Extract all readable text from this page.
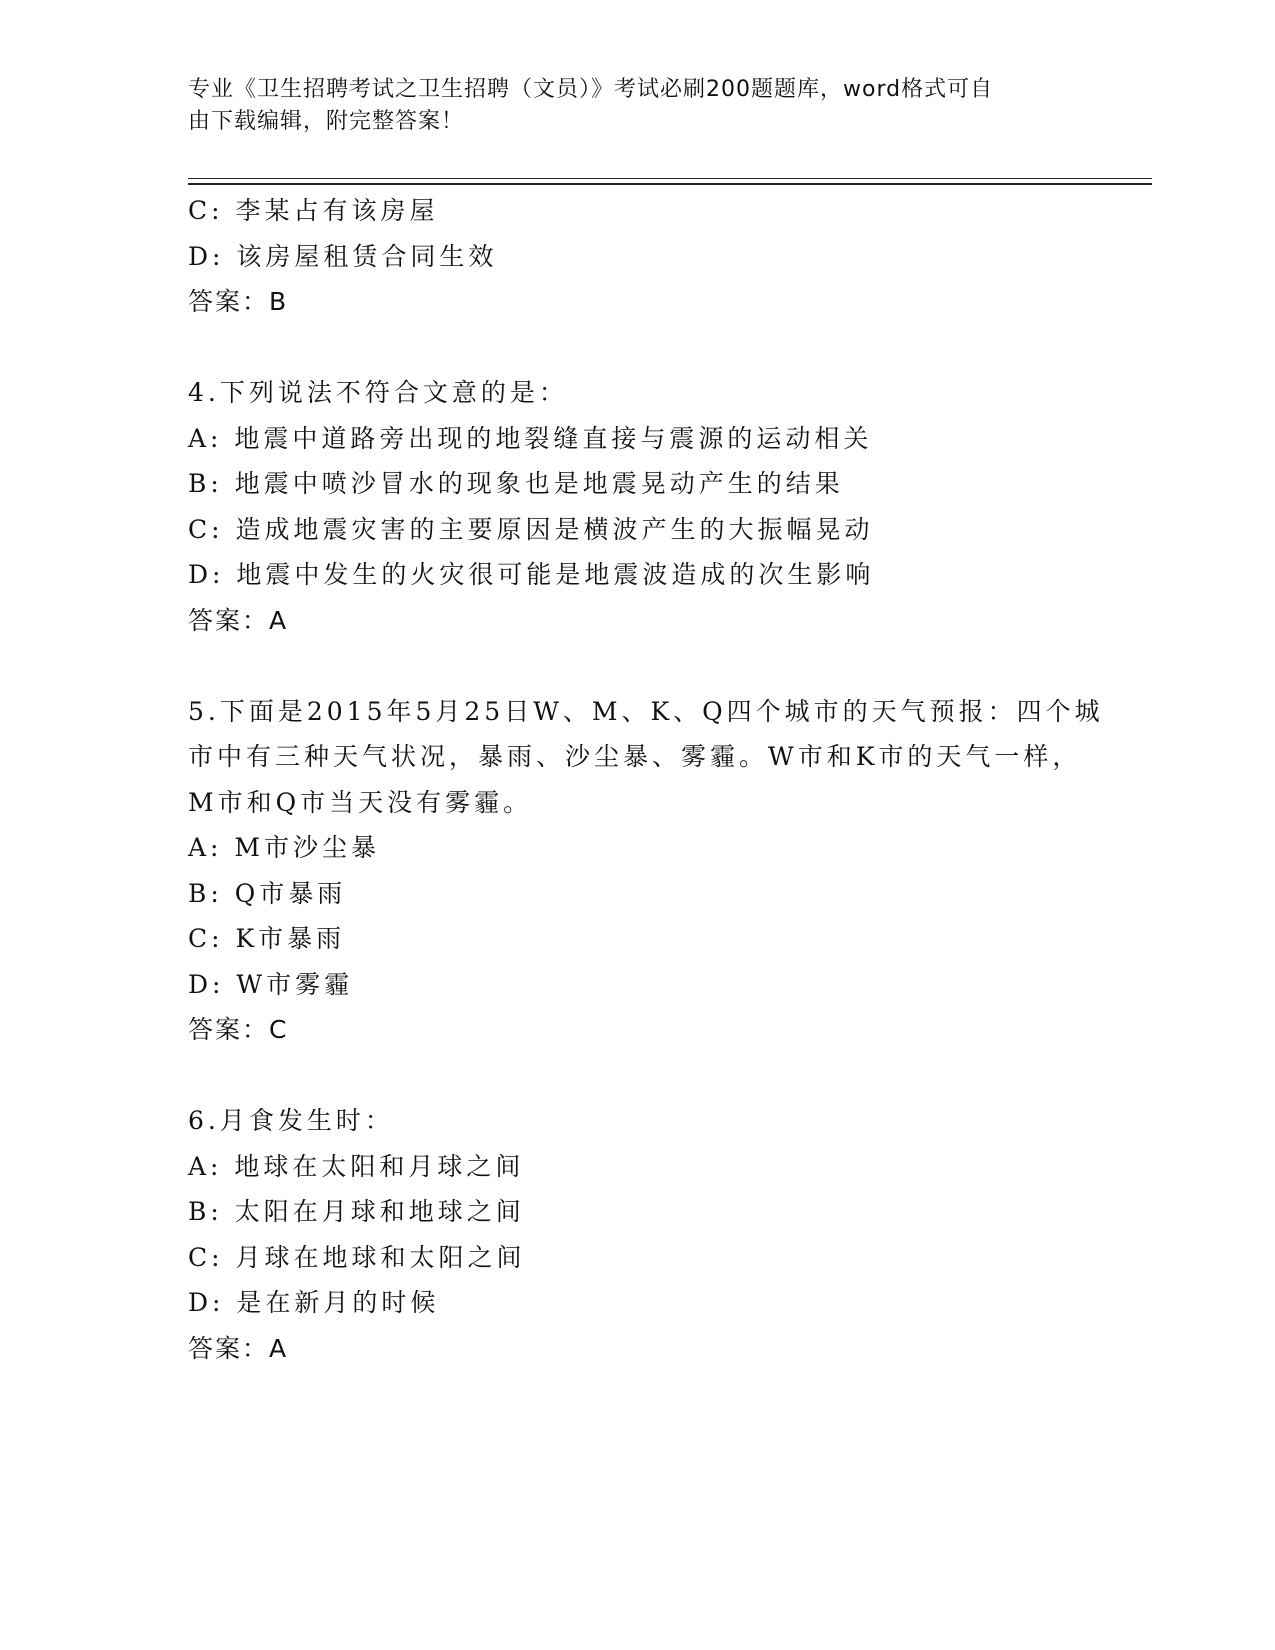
专业《卫生招聘考试之卫生招聘（文员）》考试必刷200题题库，word格式可自
由下载编辑，附完整答案！
C: 李某占有该房屋
D: 该房屋租赁合同生效
答案：B
4.下列说法不符合文意的是：
A: 地震中道路旁出现的地裂缝直接与震源的运动相关
B: 地震中喷沙冒水的现象也是地震晃动产生的结果
C: 造成地震灾害的主要原因是横波产生的大振幅晃动
D: 地震中发生的火灾很可能是地震波造成的次生影响
答案：A
5.下面是2015年5月25日W、M、K、Q四个城市的天气预报：四个城
市中有三种天气状况，暴雨、沙尘暴、雾霾。W市和K市的天气一样，
M市和Q市当天没有雾霾。
A: M市沙尘暴
B: Q市暴雨
C: K市暴雨
D: W市雾霾
答案：C
6.月食发生时：
A: 地球在太阳和月球之间
B: 太阳在月球和地球之间
C: 月球在地球和太阳之间
D: 是在新月的时候
答案：A
